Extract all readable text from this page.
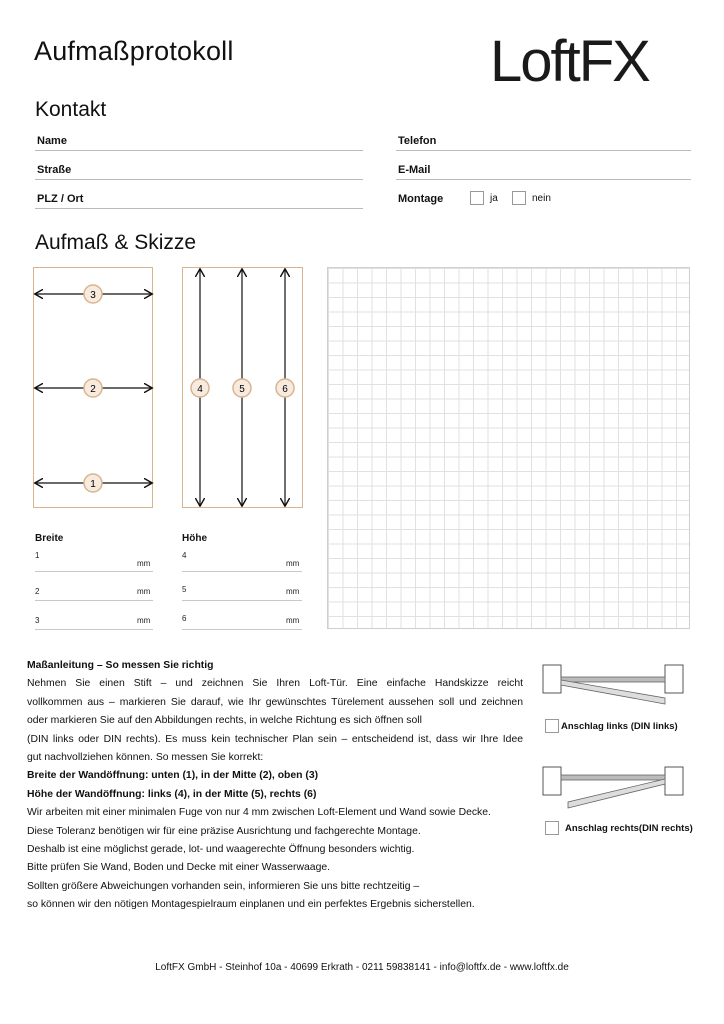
Aufmaßprotokoll	LoftFX
Kontakt
Name
Straße
PLZ / Ort
Telefon
E-Mail
Montage	ja	nein
Aufmaß & Skizze
3
2
1
4	5	6
Breite	Höhe
1
mm
2	mm
3	mm
4
mm
5	mm
6	mm

Maßanleitung – So messen Sie richtig

Nehmen Sie einen Stift – und zeichnen Sie Ihren Loft-Tür. Eine einfache Handskizze reicht

vollkommen aus – markieren Sie darauf, wie Ihr gewünschtes Türelement aussehen soll und zeichnen

oder markieren Sie auf den Abbildungen rechts, in welche Richtung es sich öffnen soll

(DIN links oder DIN rechts). Es muss kein technischer Plan sein – entscheidend ist, dass wir Ihre Idee

gut nachvollziehen können. So messen Sie korrekt:

Breite der Wandöffnung: unten (1), in der Mitte (2), oben (3)

Höhe der Wandöffnung: links (4), in der Mitte (5), rechts (6)

Wir arbeiten mit einer minimalen Fuge von nur 4 mm zwischen Loft-Element und Wand sowie Decke.

Diese Toleranz benötigen wir für eine präzise Ausrichtung und fachgerechte Montage.

Deshalb ist eine möglichst gerade, lot- und waagerechte Öffnung besonders wichtig.

Bitte prüfen Sie Wand, Boden und Decke mit einer Wasserwaage.

Sollten größere Abweichungen vorhanden sein, informieren Sie uns bitte rechtzeitig –

so können wir den nötigen Montagespielraum einplanen und ein perfektes Ergebnis sicherstellen.

Anschlag links (DIN links)
Anschlag rechts(DIN rechts)
LoftFX GmbH - Steinhof 10a - 40699 Erkrath - 0211 59838141 - info@loftfx.de - www.loftfx.de
